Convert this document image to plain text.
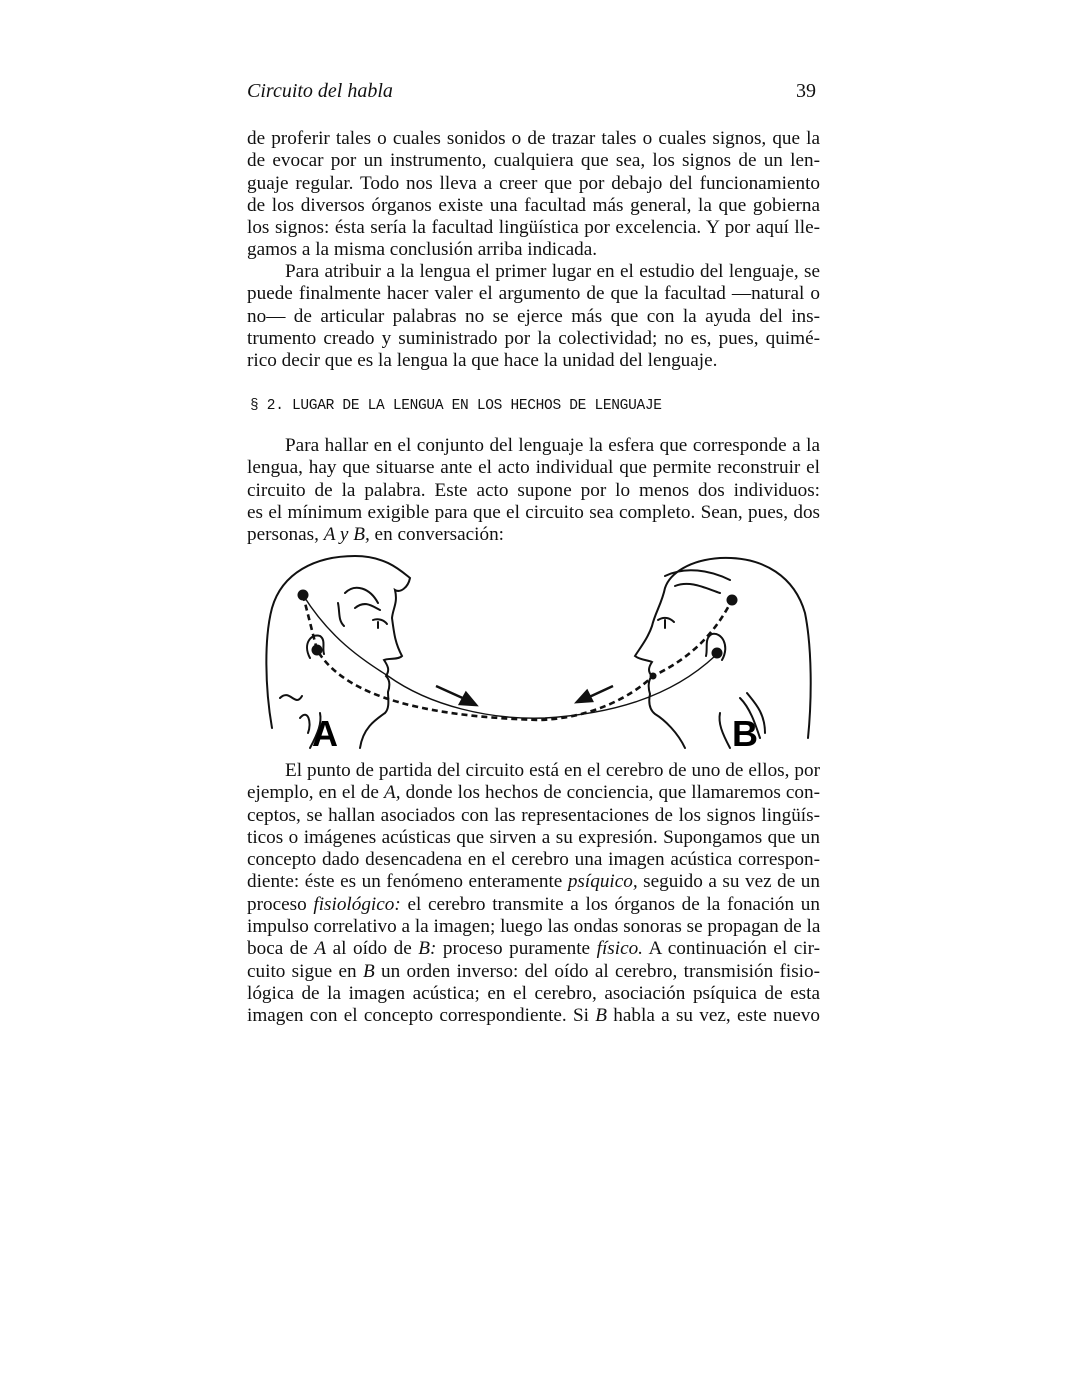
Circuito del habla	39
de proferir tales o cuales sonidos o de trazar tales o cuales signos, que la
de evocar por un instrumento, cualquiera que sea, los signos de un len-
guaje regular. Todo nos lleva a creer que por debajo del funcionamiento
de los diversos órganos existe una facultad más general, la que gobierna
los signos: ésta sería la facultad lingüística por excelencia. Y por aquí lle-
gamos a la misma conclusión arriba indicada.
Para atribuir a la lengua el primer lugar en el estudio del lenguaje, se
puede finalmente hacer valer el argumento de que la facultad —natural o
no— de articular palabras no se ejerce más que con la ayuda del ins-
trumento creado y suministrado por la colectividad; no es, pues, quimé-
rico decir que es la lengua la que hace la unidad del lenguaje.
§ 2. LUGAR DE LA LENGUA EN LOS HECHOS DE LENGUAJE
Para hallar en el conjunto del lenguaje la esfera que corresponde a la
lengua, hay que situarse ante el acto individual que permite reconstruir el
circuito de la palabra. Este acto supone por lo menos dos individuos:
es el mínimum exigible para que el circuito sea completo. Sean, pues, dos
personas, A y B, en conversación:
A	B
El punto de partida del circuito está en el cerebro de uno de ellos, por
ejemplo, en el de A, donde los hechos de conciencia, que llamaremos con-
ceptos, se hallan asociados con las representaciones de los signos lingüís-
ticos o imágenes acústicas que sirven a su expresión. Supongamos que un
concepto dado desencadena en el cerebro una imagen acústica correspon-
diente: éste es un fenómeno enteramente psíquico, seguido a su vez de un
proceso fisiológico: el cerebro transmite a los órganos de la fonación un
impulso correlativo a la imagen; luego las ondas sonoras se propagan de la
boca de A al oído de B: proceso puramente físico. A continuación el cir-
cuito sigue en B un orden inverso: del oído al cerebro, transmisión fisio-
lógica de la imagen acústica; en el cerebro, asociación psíquica de esta
imagen con el concepto correspondiente. Si B habla a su vez, este nuevo
